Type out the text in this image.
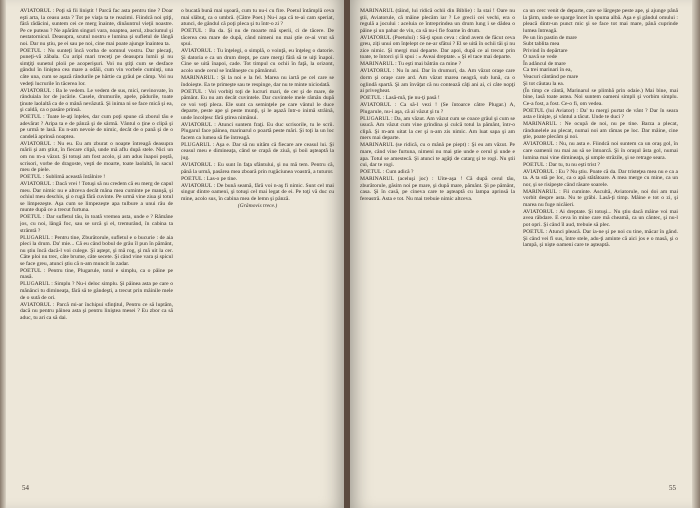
AVIATORUL : Poţi să fii liniştit ! Parcă fac asta pentru tine ? Doar eşti arta, la ceasu asta ? Tot pe viaţa ta te reazimi. Fiindcă noi ştiţi, fără rădăcini, suntem cei ce merg înainte, dinăuntrul vieţii noastre. Pe ce puteau ? Ne apărăm singuri vara, noaptea, aerul, zbuciumul şi nestatornicul. Deasupra, scutul nostru e lumina şi sufletul de lângă noi. Dar nu ştiu, pe ei sau pe noi, cine mai poate ajunge înaintea ta.

POETUL : Nu sunteţi încă vorba de somnul vostru. Dar plecaţi, puneţi-vă zăbala. Cu aripi mari treceţi pe deasupra lumii şi nu simţiţi sunetul ploii pe acoperişuri. Voi nu ştiţi cum se desface gândul în liniştea cea mare a odăii, cum vin vorbele cuminţi, una câte una, cum se aşază rândurile pe hârtie ca grâul pe câmp. Voi nu vedeţi lucrurile în tăcerea lor.

AVIATORUL : Ba le vedem. Le vedem de sus, mici, nevinovate, în rânduiala lor de jucărie. Casele, drumurile, apele, pădurile, toate ţinute laolaltă ca de o mână nevăzută. Şi inima ni se face mică şi ea, şi caldă, ca o pasăre prinsă.

POETUL : Toate le-aţi înţeles, dar cum poţi spune că zborul tău e adevărat ? Aripa ta e de pânză şi de sârmă. Vântul o ţine o clipă şi pe urmă te lasă. Eu n-am nevoie de nimic, decât de o pană şi de o candelă aprinsă noaptea.

AVIATORUL : Nu eu. Eu am zburat o noapte întreagă deasupra mării şi am ştiut, în fiecare clipă, unde mă aflu după stele. Nici un om nu m-a văzut. Şi totuşi am fost acolo, şi am adus înapoi poştă, scrisori, vorbe de dragoste, veşti de moarte, toate laolaltă, în sacul meu de piele.

POETUL : Sublimă această întâlnire !

AVIATORUL : Dacă vrei ! Totuşi să nu credem că eu merg de capul meu. Dar nimic nu e altceva decât mâna mea cuminte pe manşă, şi ochiul meu deschis, şi o rugă fără cuvinte. Pe urmă vine ziua şi totul se limpezeşte. Aşa cum se limpezeşte apa tulbure a unui râu de munte după ce a trecut furtuna.

POETUL : Dar sufletul tău, în toată vremea asta, unde e ? Rămâne jos, cu noi, lângă foc, sau se urcă şi el, tremurând, în cabina ta strâmtă ?

PLUGARUL : Pentru tine, Zburătorule, sufletul e o bucurie : de aia pleci la drum. Da' mie... Că eu când bobul de grâu îl pun în pământ, nu ştiu încă dacă-l voi culege. Şi aştept, şi mă rog, şi mă uit la cer. Câte ploi nu trec, câte brume, câte secete. Şi când vine vara şi spicul se face greu, atunci ştiu că n-am muncit în zadar.

POETUL : Pentru tine, Plugarule, totul e simplu, ca o pâine pe masă.

PLUGARUL : Simplu ? Nu-i deloc simplu. Şi pâinea asta pe care o mănânci tu dimineaţa, fără să te gândeşti, a trecut prin mâinile mele de o sută de ori.

AVIATORUL : Parcă mi-ar închipui sfinţitul, Pentru ce să luptăm, dacă nu pentru pâinea asta şi pentru liniştea mesei ? Eu zbor ca să aduc, tu ari ca să dai.

o bucată bună mai uşoară, cum tu nu-i cu fire. Poetul întâmplă ceva mai slăbuţ, ca o umbră. (Către Poet.) Nu-i aşa că te-ai cam speriat, atunci, de gândul că poţi pleca şi tu într-o zi ?

POETUL : Ba da. Şi nu de moarte mă sperii, ci de tăcere. De tăcerea cea mare de după, când nimeni nu mai ştie ce-ai vrut să spui.

AVIATORUL : Tu înţelegi, o simplă, o voinţă, eu înţeleg o datorie. Şi datoria e ca un drum drept, pe care mergi fără să te uiţi înapoi. Cine se uită înapoi, cade. Tot timpul cu ochii în faţă, la orizont, acolo unde cerul se întâlneşte cu pământul.

MARINARUL : Şi la noi e la fel. Marea nu iartă pe cel care se îndoieşte. Ea te primeşte sau te respinge, dar nu te minte niciodată.

POETUL : Voi vorbiţi toţi de lucruri mari, de cer şi de mare, de pământ. Eu nu am decât cuvintele. Dar cuvintele mele rămân după ce voi veţi pleca. Ele sunt ca seminţele pe care vântul le duce departe, peste ape şi peste munţi, şi le aşază într-o inimă străină, unde încolţesc fără ştirea nimănui.

AVIATORUL : Atunci suntem fraţi. Eu duc scrisorile, tu le scrii. Plugarul face pâinea, marinarul o poartă peste mări. Şi toţi la un loc facem ca lumea să fie întreagă.

PLUGARUL : Aşa e. Dar să nu uităm că fiecare are ceasul lui. Şi ceasul meu e dimineaţa, când se crapă de ziuă, şi boii aşteaptă la jug.

AVIATORUL : Eu sunt în faţa sfântului, şi nu mă tem. Pentru că, până la urmă, pasărea mea zboară prin rugăciunea voastră, a tuturor.

POETUL : Las-o pe tine.

AVIATORUL : De bună seamă, fără voi n-aş fi nimic. Sunt cel mai singur dintre oameni, şi totuşi cel mai legat de ei. Pe toţi vă duc cu mine, acolo sus, în cabina mea de lemn şi pânză.

(Grămovis trece.)

54

MARINARUL (tăind, lui ridică ochii din Biblie) : Ia stai ! Oare nu ştii, Aviatorule, că mâine plecăm iar ? Le grecii cei vechi, era o regulă a jocului : aceluia ce întreprindea un drum lung i se dădea o pâine şi un pahar de vin, ca să nu-i fie foame în drum.

AVIATORUL (Poetului) : Să-ţi spun ceva : când avem de făcut ceva greu, ziţi unui om înţelept ce ne-ar sfătui ? El se uită în ochii tăi şi nu zice nimic. Şi mergi mai departe. Dar apoi, după ce ai trecut prin toate, te întorci şi îi spui : « Aveai dreptate. » Şi el tace mai departe.

MARINARUL : Tu eşti mai bătrân ca mine ?

AVIATORUL : Nu în ani. Dar în drumuri, da. Am văzut oraşe care dorm şi oraşe care ard. Am văzut marea neagră, sub lună, ca o oglindă spartă. Şi am învăţat că nu contează câţi ani ai, ci câte nopţi ai privegheat.

POETUL : Lasă-mă, ţie nu-ţi pasă !

AVIATORUL : Ca să-l vezi ! (Se întoarce către Plugar.) A, Plugarule, nu-i aşa, că ai văzut şi tu ?

PLUGARUL : Da, am văzut. Am văzut cum se coace grâul şi cum se usucă. Am văzut cum vine grindina şi culcă totul la pământ, într-o clipă. Şi m-am uitat la cer şi n-am zis nimic. Am luat sapa şi am mers mai departe.

MARINARUL (se ridică, cu o mână pe piept) : Şi eu am văzut. Pe mare, când vine furtuna, nimeni nu mai ştie unde e cerul şi unde e apa. Totul se amestecă. Şi atunci te agăţi de catarg şi te rogi. Nu ştii cui, dar te rogi.

POETUL : Cum adică ?

MARINARUL (aceluşi joc) : Uite-aşa ! Că după cerul tău, zburătorule, găsim noi pe mare, şi după mare, pământ. Şi pe pământ, casa. Şi în casă, pe cineva care te aşteaptă cu lampa aprinsă la fereastră. Asta e tot. Nu mai trebuie nimic altceva.

ca un cerc venit de departe, care se lărgeşte peste ape, şi ajunge până la ţărm, unde se sparge încet în spuma albă. Aşa e şi gândul omului : pleacă dintr-un punct mic şi se face tot mai mare, până cuprinde lumea întreagă.

Pe un lin pastin de mare
Subt tablita mea
Privind în depărtare
O navă se vede
În adâncul de mare
Ca trei marinari în ea,
Veacuri cântând pe mare
Şi tot căutau la ea.

(În timp ce cântă, Marinarul se plimbă prin odaie.) Mai bine, mai bine, lasă toate astea. Noi suntem oameni simpli şi vorbim simplu. Ce-a fost, a fost. Ce-o fi, om vedea.

POETUL (lui Aviator) : Da' tu mergi purtat de vânt ? Dar în seara asta e linişte, şi vântul a tăcut. Unde te duci ?

MARINARUL : Ne ocupă de noi, nu pe tine. Barza a plecat, rândunelele au plecat, numai noi am rămas pe loc. Dar mâine, cine ştie, poate plecăm şi noi.

AVIATORUL : Nu, nu asta e. Fiindcă noi suntem ca un oraş gol, în care oamenii nu mai au să se întoarcă. Şi în oraşul ăsta gol, numai lumina mai vine dimineaţa, şi umple străzile, şi se retrage seara.

POETUL : Dar tu, tu nu eşti trist ?

AVIATORUL : Eu ? Nu ştiu. Poate că da. Dar tristeţea mea nu e ca a ta. A ta stă pe loc, ca o apă stătătoare. A mea merge cu mine, ca un nor, şi se risipeşte când răsare soarele.

MARINARUL : Fii cuminte. Ascultă, Aviatorule, noi doi am mai vorbit despre asta. Nu te grăbi. Lasă-ţi timp. Mâine e tot o zi, şi marea nu fuge nicăieri.

AVIATORUL : Ai dreptate. Şi totuşi... Nu ştiu dacă mâine voi mai avea răbdare. E ceva în mine care mă cheamă, ca un cântec, şi nu-l pot opri. Şi când îl aud, trebuie să plec.

POETUL : Atunci pleacă. Dar ia-ne şi pe noi cu tine, măcar în gând. Şi când vei fi sus, între stele, adu-ţi aminte că aici jos e o masă, şi o lampă, şi nişte oameni care te aşteaptă.

55
